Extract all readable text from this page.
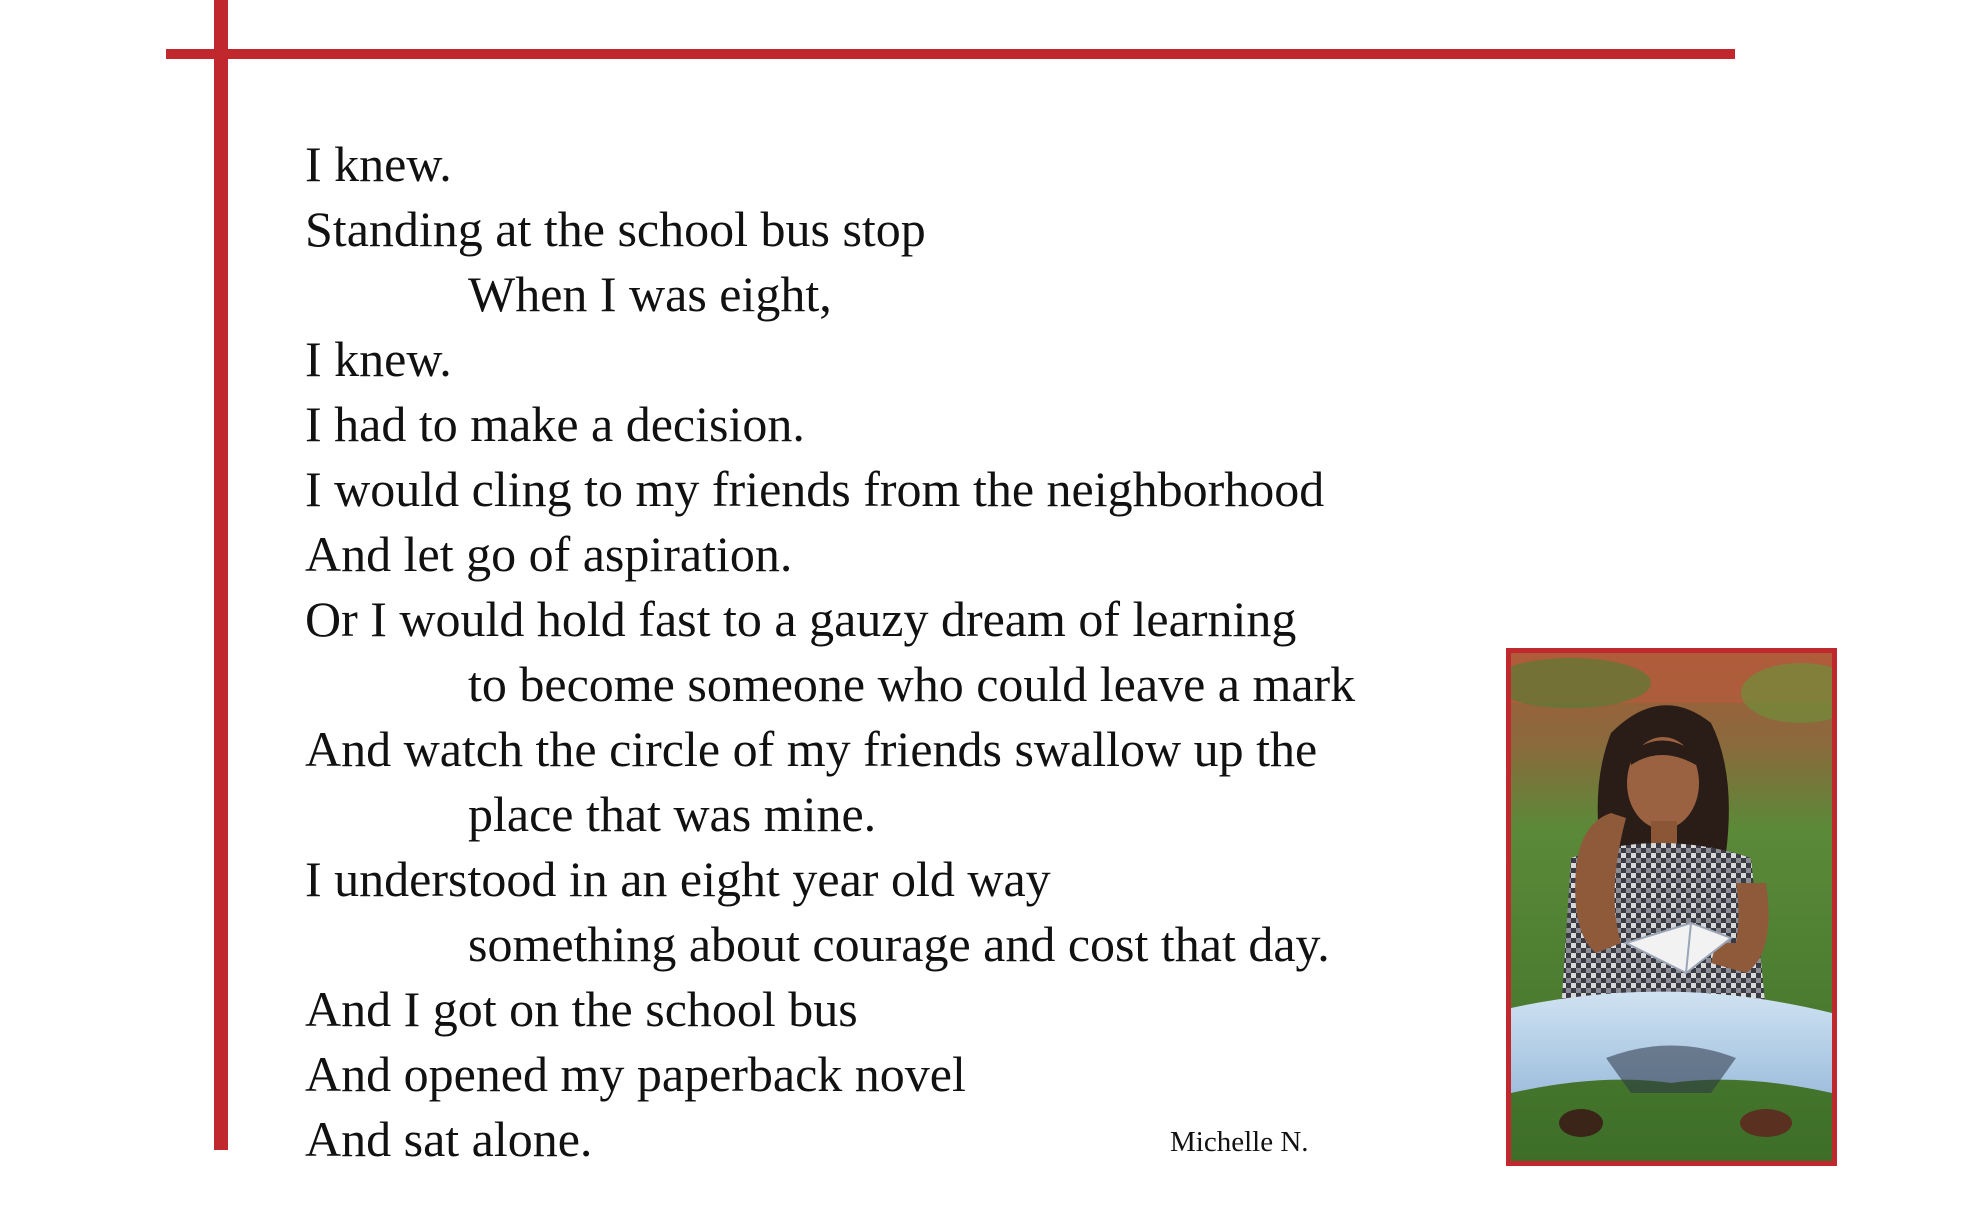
I knew.
Standing at the school bus stop
When I was eight,
I knew.
I had to make a decision.
I would cling to my friends from the neighborhood
And let go of aspiration.
Or I would hold fast to a gauzy dream of learning
to become someone who could leave a mark
And watch the circle of my friends swallow up the
place that was mine.
I understood in an eight year old way
something about courage and cost that day.
And I got on the school bus
And opened my paperback novel
And sat alone.	Michelle N.
